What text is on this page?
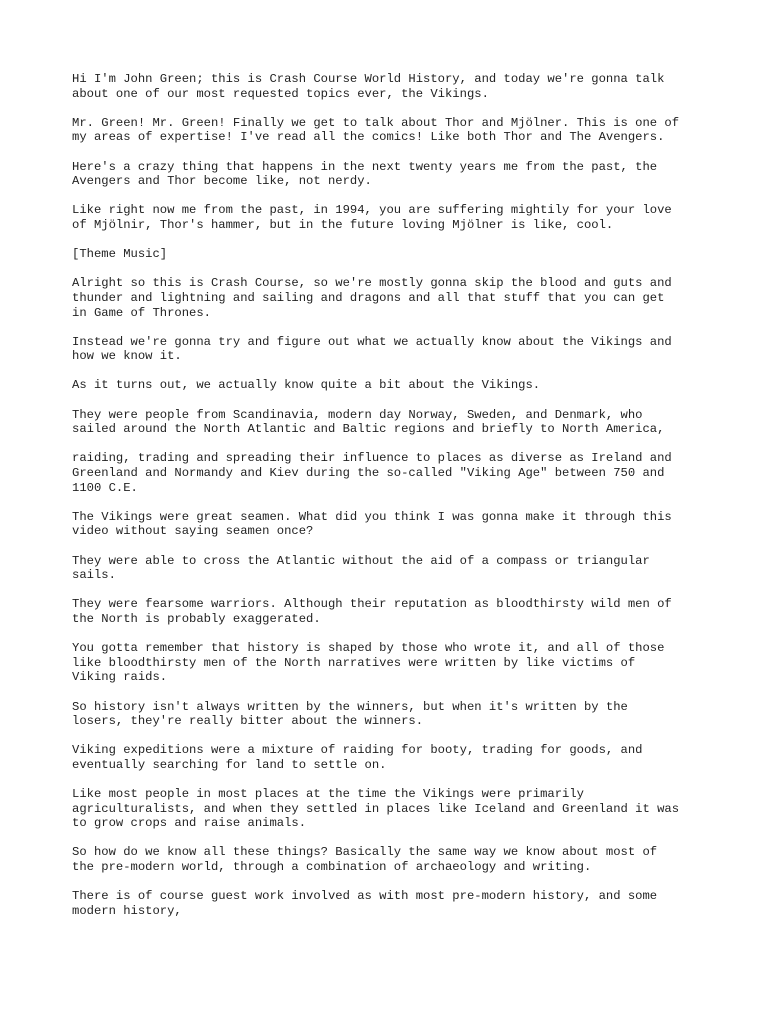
Hi I'm John Green; this is Crash Course World History, and today we're gonna talk
about one of our most requested topics ever, the Vikings.

Mr. Green! Mr. Green! Finally we get to talk about Thor and Mjölner. This is one of
my areas of expertise! I've read all the comics! Like both Thor and The Avengers.

Here's a crazy thing that happens in the next twenty years me from the past, the
Avengers and Thor become like, not nerdy.

Like right now me from the past, in 1994, you are suffering mightily for your love
of Mjölnir, Thor's hammer, but in the future loving Mjölner is like, cool.

[Theme Music]

Alright so this is Crash Course, so we're mostly gonna skip the blood and guts and
thunder and lightning and sailing and dragons and all that stuff that you can get
in Game of Thrones.

Instead we're gonna try and figure out what we actually know about the Vikings and
how we know it.

As it turns out, we actually know quite a bit about the Vikings.

They were people from Scandinavia, modern day Norway, Sweden, and Denmark, who
sailed around the North Atlantic and Baltic regions and briefly to North America,

raiding, trading and spreading their influence to places as diverse as Ireland and
Greenland and Normandy and Kiev during the so-called "Viking Age" between 750 and
1100 C.E.

The Vikings were great seamen. What did you think I was gonna make it through this
video without saying seamen once?

They were able to cross the Atlantic without the aid of a compass or triangular
sails.

They were fearsome warriors. Although their reputation as bloodthirsty wild men of
the North is probably exaggerated.

You gotta remember that history is shaped by those who wrote it, and all of those
like bloodthirsty men of the North narratives were written by like victims of
Viking raids.

So history isn't always written by the winners, but when it's written by the
losers, they're really bitter about the winners.

Viking expeditions were a mixture of raiding for booty, trading for goods, and
eventually searching for land to settle on.

Like most people in most places at the time the Vikings were primarily
agriculturalists, and when they settled in places like Iceland and Greenland it was
to grow crops and raise animals.

So how do we know all these things? Basically the same way we know about most of
the pre-modern world, through a combination of archaeology and writing.

There is of course guest work involved as with most pre-modern history, and some
modern history,
